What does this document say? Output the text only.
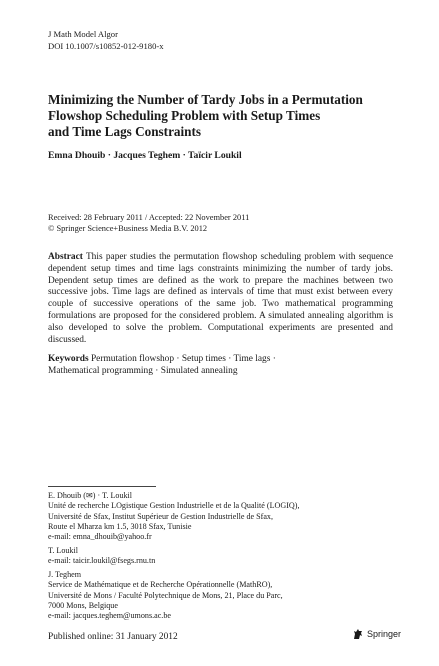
J Math Model Algor
DOI 10.1007/s10852-012-9180-x
Minimizing the Number of Tardy Jobs in a Permutation
Flowshop Scheduling Problem with Setup Times
and Time Lags Constraints
Emna Dhouib · Jacques Teghem · Taïcir Loukil
Received: 28 February 2011 / Accepted: 22 November 2011
© Springer Science+Business Media B.V. 2012
Abstract This paper studies the permutation flowshop scheduling problem with sequence dependent setup times and time lags constraints minimizing the number of tardy jobs. Dependent setup times are defined as the work to prepare the machines between two successive jobs. Time lags are defined as intervals of time that must exist between every couple of successive operations of the same job. Two mathematical programming formulations are proposed for the considered problem. A simulated annealing algorithm is also developed to solve the problem. Computational experiments are presented and discussed.
Keywords Permutation flowshop · Setup times · Time lags ·
Mathematical programming · Simulated annealing
E. Dhouib (✉) · T. Loukil
Unité de recherche LOgistique Gestion Industrielle et de la Qualité (LOGIQ),
Université de Sfax, Institut Supérieur de Gestion Industrielle de Sfax,
Route el Mharza km 1.5, 3018 Sfax, Tunisie
e-mail: emna_dhouib@yahoo.fr
T. Loukil
e-mail: taicir.loukil@fsegs.rnu.tn
J. Teghem
Service de Mathématique et de Recherche Opérationnelle (MathRO),
Université de Mons / Faculté Polytechnique de Mons, 21, Place du Parc,
7000 Mons, Belgique
e-mail: jacques.teghem@umons.ac.be
Published online: 31 January 2012	Springer
